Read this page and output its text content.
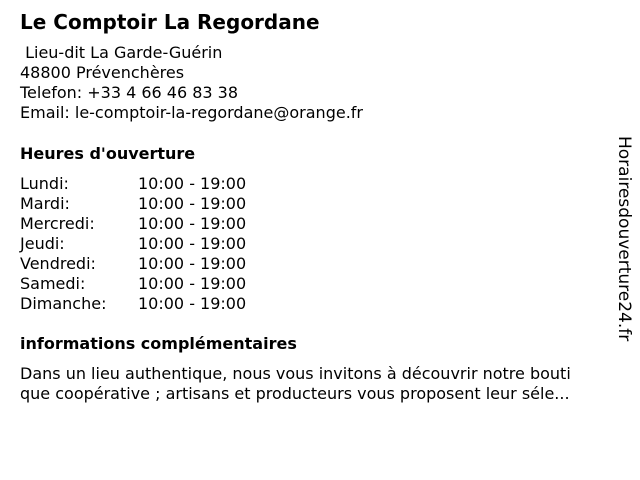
Le Comptoir La Regordane
Lieu-dit La Garde-Guérin
48800 Prévenchères
Telefon: +33 4 66 46 83 38
Email: le-comptoir-la-regordane@orange.fr
Heures d'ouverture
Lundi:	10:00 - 19:00
Mardi:	10:00 - 19:00
Mercredi:	10:00 - 19:00
Jeudi:	10:00 - 19:00
Vendredi:	10:00 - 19:00
Samedi:	10:00 - 19:00
Dimanche:	10:00 - 19:00
informations complémentaires
Dans un lieu authentique, nous vous invitons à découvrir notre bouti
que coopérative ; artisans et producteurs vous proposent leur séle...
Horairesdouverture24.fr
